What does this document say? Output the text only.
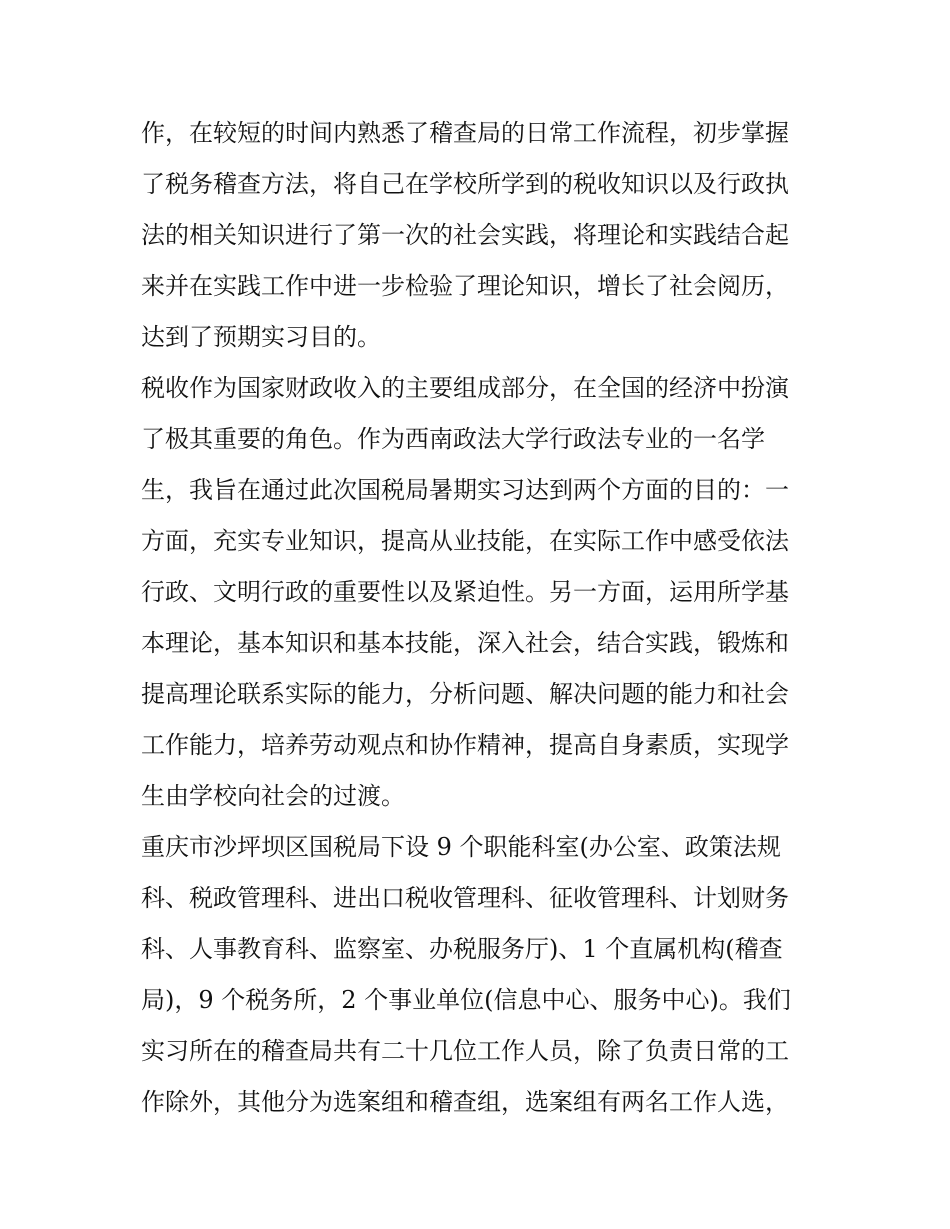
作，在较短的时间内熟悉了稽查局的日常工作流程，初步掌握
了税务稽查方法，将自己在学校所学到的税收知识以及行政执
法的相关知识进行了第一次的社会实践，将理论和实践结合起
来并在实践工作中进一步检验了理论知识，增长了社会阅历，
达到了预期实习目的。
税收作为国家财政收入的主要组成部分，在全国的经济中扮演
了极其重要的角色。作为西南政法大学行政法专业的一名学
生，我旨在通过此次国税局暑期实习达到两个方面的目的：一
方面，充实专业知识，提高从业技能，在实际工作中感受依法
行政、文明行政的重要性以及紧迫性。另一方面，运用所学基
本理论，基本知识和基本技能，深入社会，结合实践，锻炼和
提高理论联系实际的能力，分析问题、解决问题的能力和社会
工作能力，培养劳动观点和协作精神，提高自身素质，实现学
生由学校向社会的过渡。
重庆市沙坪坝区国税局下设 9 个职能科室(办公室、政策法规
科、税政管理科、进出口税收管理科、征收管理科、计划财务
科、人事教育科、监察室、办税服务厅)、1 个直属机构(稽查
局)，9 个税务所，2 个事业单位(信息中心、服务中心)。我们
实习所在的稽查局共有二十几位工作人员，除了负责日常的工
作除外，其他分为选案组和稽查组，选案组有两名工作人选，
